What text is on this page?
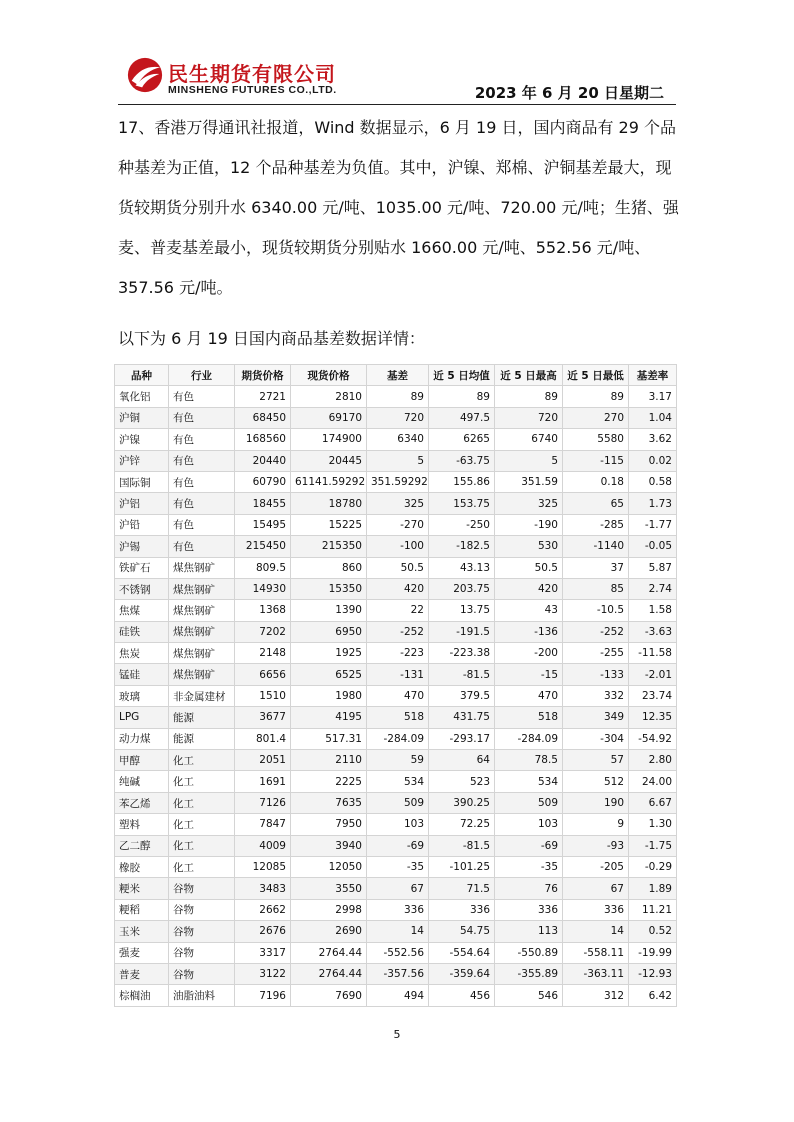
民生期货有限公司
MINSHENG FUTURES CO.,LTD.	2023 年 6 月 20 日星期二

17、香港万得通讯社报道，Wind 数据显示，6 月 19 日，国内商品有 29 个品种基差为正值，12 个品种基差为负值。其中，沪镍、郑棉、沪铜基差最大，现货较期货分别升水 6340.00 元/吨、1035.00 元/吨、720.00 元/吨；生猪、强麦、普麦基差最小，现货较期货分别贴水 1660.00 元/吨、552.56 元/吨、357.56 元/吨。

以下为 6 月 19 日国内商品基差数据详情：

品种	行业	期货价格	现货价格	基差	近 5 日均值	近 5 日最高	近 5 日最低	基差率
氧化铝	有色	2721	2810	89	89	89	89	3.17
沪铜	有色	68450	69170	720	497.5	720	270	1.04
沪镍	有色	168560	174900	6340	6265	6740	5580	3.62
沪锌	有色	20440	20445	5	-63.75	5	-115	0.02
国际铜	有色	60790	61141.59292	351.59292	155.86	351.59	0.18	0.58
沪铝	有色	18455	18780	325	153.75	325	65	1.73
沪铅	有色	15495	15225	-270	-250	-190	-285	-1.77
沪锡	有色	215450	215350	-100	-182.5	530	-1140	-0.05
铁矿石	煤焦钢矿	809.5	860	50.5	43.13	50.5	37	5.87
不锈钢	煤焦钢矿	14930	15350	420	203.75	420	85	2.74
焦煤	煤焦钢矿	1368	1390	22	13.75	43	-10.5	1.58
硅铁	煤焦钢矿	7202	6950	-252	-191.5	-136	-252	-3.63
焦炭	煤焦钢矿	2148	1925	-223	-223.38	-200	-255	-11.58
锰硅	煤焦钢矿	6656	6525	-131	-81.5	-15	-133	-2.01
玻璃	非金属建材	1510	1980	470	379.5	470	332	23.74
LPG	能源	3677	4195	518	431.75	518	349	12.35
动力煤	能源	801.4	517.31	-284.09	-293.17	-284.09	-304	-54.92
甲醇	化工	2051	2110	59	64	78.5	57	2.80
纯碱	化工	1691	2225	534	523	534	512	24.00
苯乙烯	化工	7126	7635	509	390.25	509	190	6.67
塑料	化工	7847	7950	103	72.25	103	9	1.30
乙二醇	化工	4009	3940	-69	-81.5	-69	-93	-1.75
橡胶	化工	12085	12050	-35	-101.25	-35	-205	-0.29
粳米	谷物	3483	3550	67	71.5	76	67	1.89
粳稻	谷物	2662	2998	336	336	336	336	11.21
玉米	谷物	2676	2690	14	54.75	113	14	0.52
强麦	谷物	3317	2764.44	-552.56	-554.64	-550.89	-558.11	-19.99
普麦	谷物	3122	2764.44	-357.56	-359.64	-355.89	-363.11	-12.93
棕榈油	油脂油料	7196	7690	494	456	546	312	6.42
5
